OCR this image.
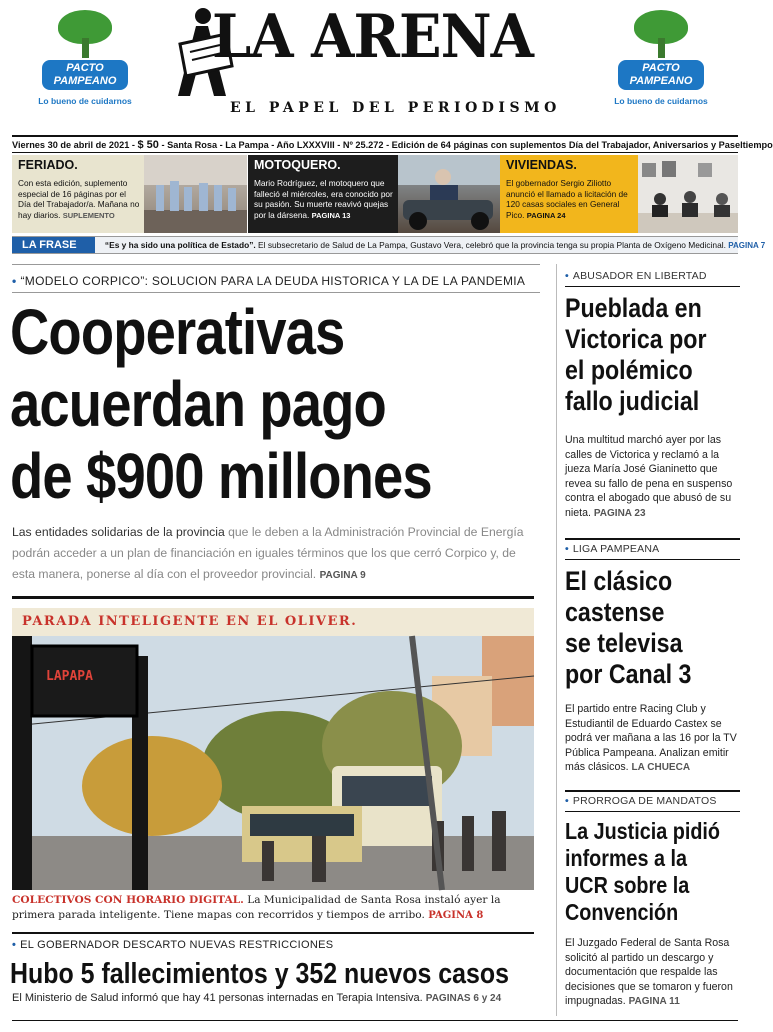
PACTO
PAMPEANO
Lo bueno de cuidarnos
PACTO
PAMPEANO
Lo bueno de cuidarnos
LA ARENA
EL PAPEL DEL PERIODISMO
Viernes 30 de abril de 2021 - $ 50 - Santa Rosa - La Pampa - Año LXXXVIII - Nº 25.272 - Edición de 64 páginas con suplementos Día del Trabajador, Aniversarios y Paseltiempo
FERIADO.

Con esta edición, suplemento especial de 16 páginas por el Día del Trabajador/a. Mañana no hay diarios. SUPLEMENTO

MOTOQUERO.

Mario Rodríguez, el motoquero que falleció el miércoles, era conocido por su pasión. Su muerte reavivó quejas por la dársena. PAGINA 13

VIVIENDAS.

El gobernador Sergio Ziliotto anunció el llamado a licitación de 120 casas sociales en General Pico. PAGINA 24

LA FRASE	“Es y ha sido una política de Estado”. El subsecretario de Salud de La Pampa, Gustavo Vera, celebró que la provincia tenga su propia Planta de Oxígeno Medicinal. PAGINA 7
• “MODELO CORPICO”: SOLUCION PARA LA DEUDA HISTORICA Y LA DE LA PANDEMIA
Cooperativas
acuerdan pago
de $900 millones
Las entidades solidarias de la provincia que le deben a la Administración Provincial de Energía podrán acceder a un plan de financiación en iguales términos que los que cerró Corpico y, de esta manera, ponerse al día con el proveedor provincial. PAGINA 9
PARADA INTELIGENTE EN EL OLIVER.
LAPAPA
COLECTIVOS CON HORARIO DIGITAL. La Municipalidad de Santa Rosa instaló ayer la primera parada inteligente. Tiene mapas con recorridos y tiempos de arribo. PAGINA 8
• EL GOBERNADOR DESCARTO NUEVAS RESTRICCIONES
Hubo 5 fallecimientos y 352 nuevos casos
El Ministerio de Salud informó que hay 41 personas internadas en Terapia Intensiva. PAGINAS 6 y 24
• ABUSADOR EN LIBERTAD
Pueblada en
Victorica por
el polémico
fallo judicial
Una multitud marchó ayer por las calles de Victorica y reclamó a la jueza María José Gianinetto que revea su fallo de pena en suspenso contra el abogado que abusó de su nieta. PAGINA 23
• LIGA PAMPEANA
El clásico
castense
se televisa
por Canal 3
El partido entre Racing Club y Estudiantil de Eduardo Castex se podrá ver mañana a las 16 por la TV Pública Pampeana. Analizan emitir más clásicos. LA CHUECA
• PRORROGA DE MANDATOS
La Justicia pidió
informes a la
UCR sobre la
Convención
El Juzgado Federal de Santa Rosa solicitó al partido un descargo y documentación que respalde las decisiones que se tomaron y fueron impugnadas. PAGINA 11
